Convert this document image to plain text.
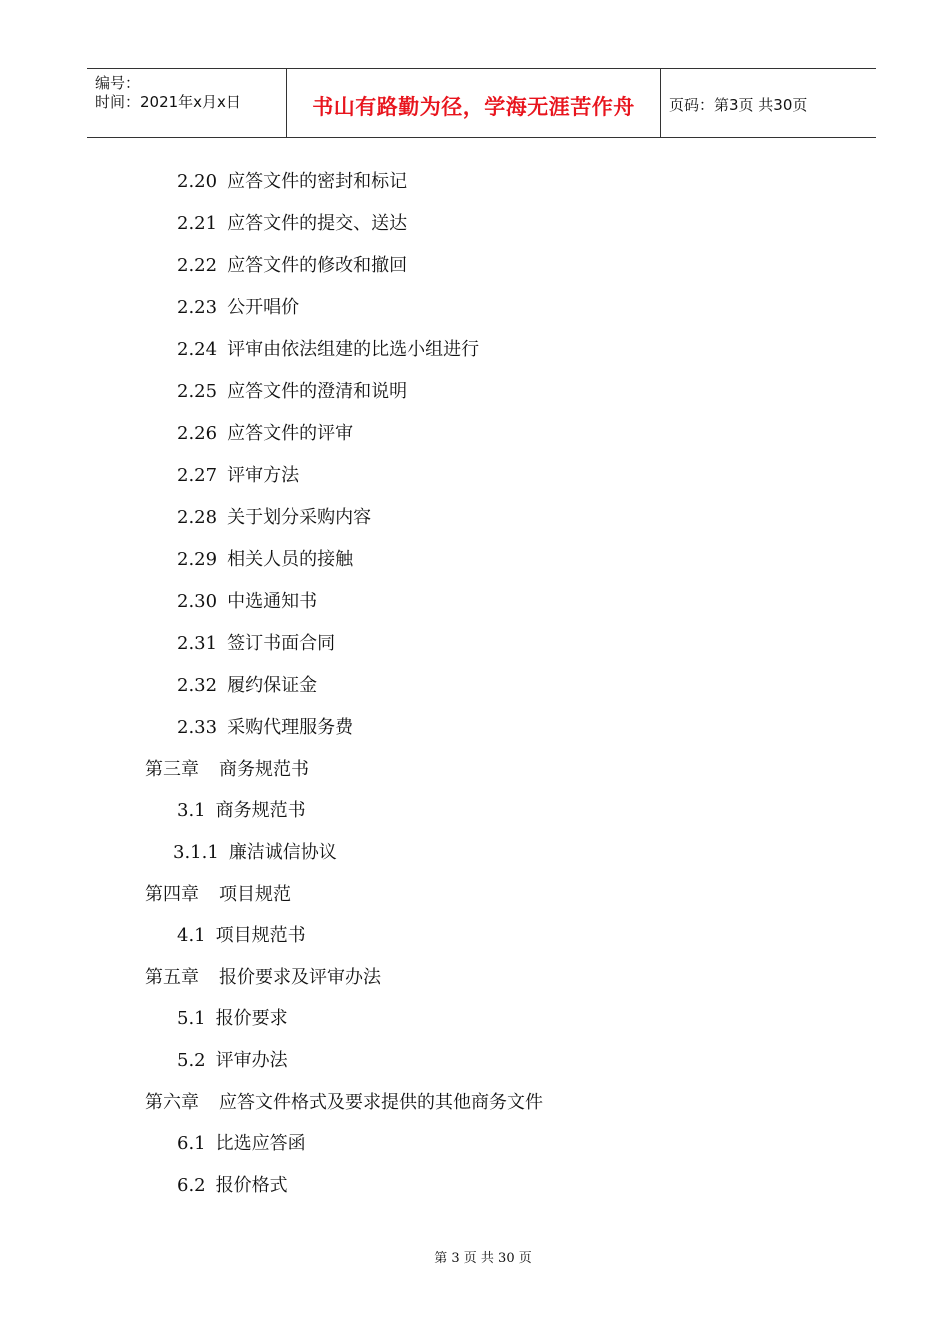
编号：
时间：2021年x月x日	书山有路勤为径，学海无涯苦作舟	页码：第3页 共30页
2.20 应答文件的密封和标记
2.21 应答文件的提交、送达
2.22 应答文件的修改和撤回
2.23 公开唱价
2.24 评审由依法组建的比选小组进行
2.25 应答文件的澄清和说明
2.26 应答文件的评审
2.27 评审方法
2.28 关于划分采购内容
2.29 相关人员的接触
2.30 中选通知书
2.31 签订书面合同
2.32 履约保证金
2.33 采购代理服务费
第三章 商务规范书
3.1 商务规范书
3.1.1 廉洁诚信协议
第四章 项目规范
4.1 项目规范书
第五章 报价要求及评审办法
5.1 报价要求
5.2 评审办法
第六章 应答文件格式及要求提供的其他商务文件
6.1 比选应答函
6.2 报价格式
第 3 页 共 30 页
